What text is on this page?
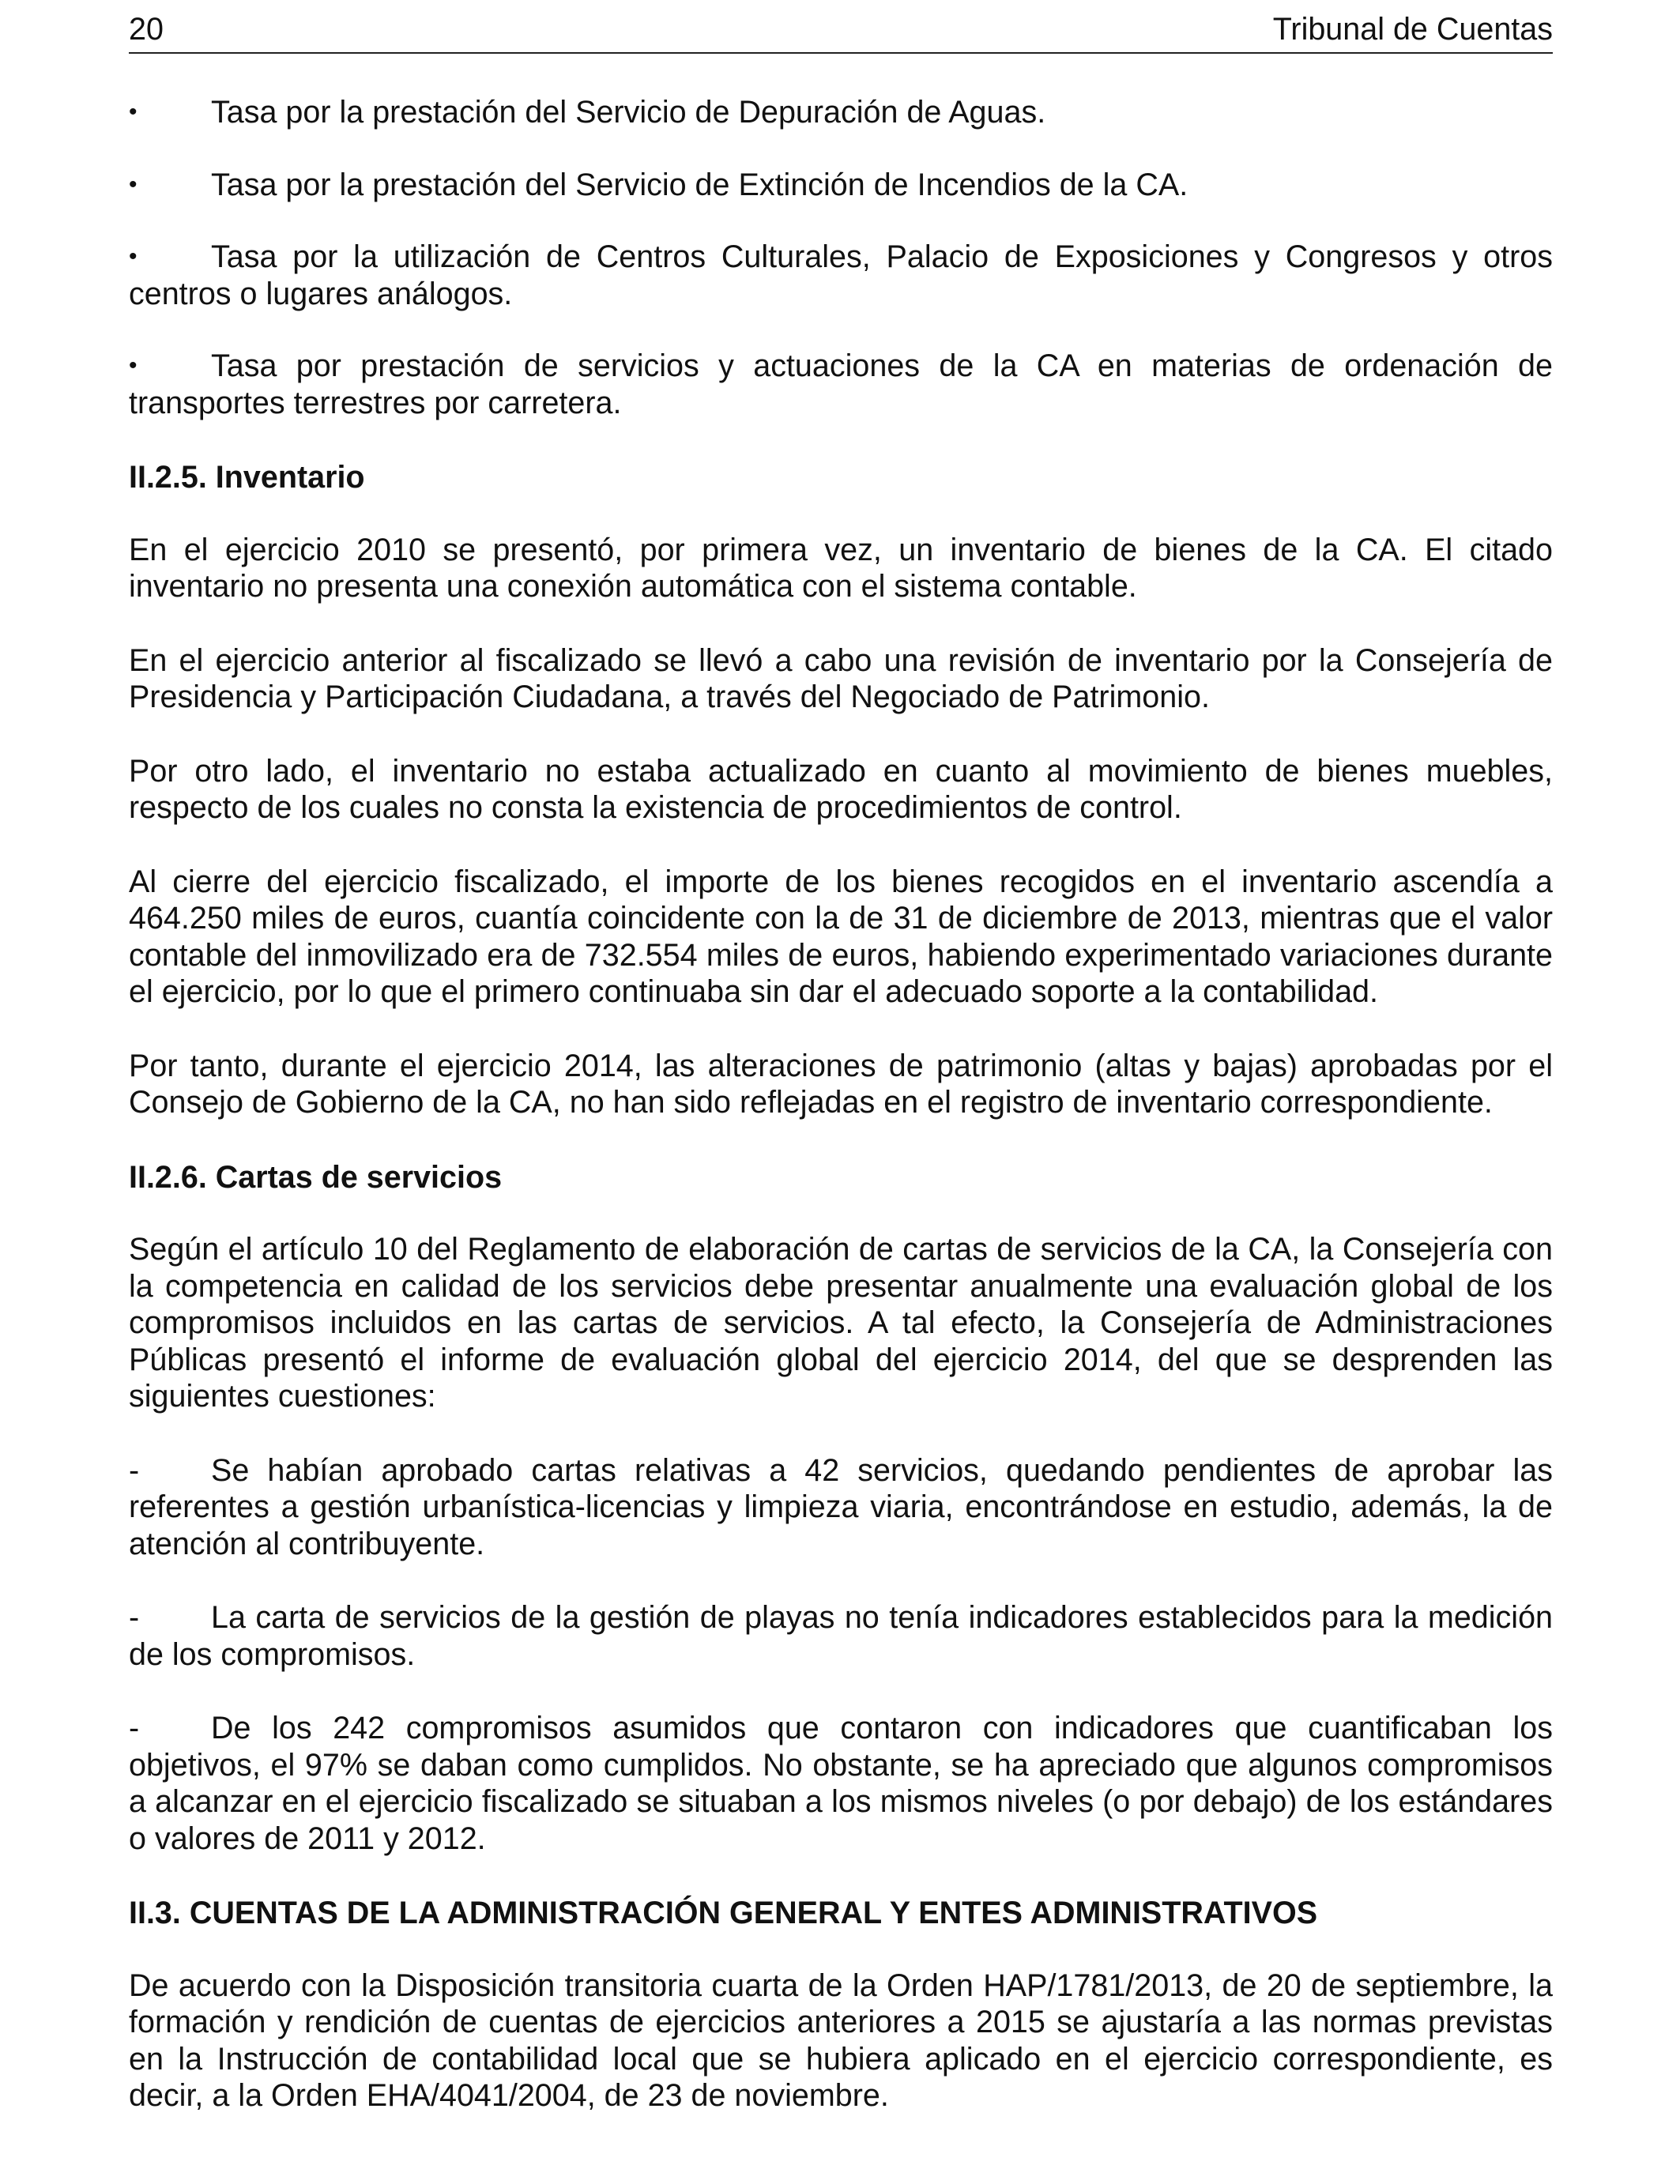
20	Tribunal de Cuentas

• Tasa por la prestación del Servicio de Depuración de Aguas.

• Tasa por la prestación del Servicio de Extinción de Incendios de la CA.

• Tasa por la utilización de Centros Culturales, Palacio de Exposiciones y Congresos y otros centros o lugares análogos.

• Tasa por prestación de servicios y actuaciones de la CA en materias de ordenación de transportes terrestres por carretera.

II.2.5. Inventario

En el ejercicio 2010 se presentó, por primera vez, un inventario de bienes de la CA. El citado inventario no presenta una conexión automática con el sistema contable.

En el ejercicio anterior al fiscalizado se llevó a cabo una revisión de inventario por la Consejería de Presidencia y Participación Ciudadana, a través del Negociado de Patrimonio.

Por otro lado, el inventario no estaba actualizado en cuanto al movimiento de bienes muebles, respecto de los cuales no consta la existencia de procedimientos de control.

Al cierre del ejercicio fiscalizado, el importe de los bienes recogidos en el inventario ascendía a 464.250 miles de euros, cuantía coincidente con la de 31 de diciembre de 2013, mientras que el valor contable del inmovilizado era de 732.554 miles de euros, habiendo experimentado variaciones durante el ejercicio, por lo que el primero continuaba sin dar el adecuado soporte a la contabilidad.

Por tanto, durante el ejercicio 2014, las alteraciones de patrimonio (altas y bajas) aprobadas por el Consejo de Gobierno de la CA, no han sido reflejadas en el registro de inventario correspondiente.

II.2.6. Cartas de servicios

Según el artículo 10 del Reglamento de elaboración de cartas de servicios de la CA, la Consejería con la competencia en calidad de los servicios debe presentar anualmente una evaluación global de los compromisos incluidos en las cartas de servicios. A tal efecto, la Consejería de Administraciones Públicas presentó el informe de evaluación global del ejercicio 2014, del que se desprenden las siguientes cuestiones:

- Se habían aprobado cartas relativas a 42 servicios, quedando pendientes de aprobar las referentes a gestión urbanística-licencias y limpieza viaria, encontrándose en estudio, además, la de atención al contribuyente.

- La carta de servicios de la gestión de playas no tenía indicadores establecidos para la medición de los compromisos.

- De los 242 compromisos asumidos que contaron con indicadores que cuantificaban los objetivos, el 97% se daban como cumplidos. No obstante, se ha apreciado que algunos compromisos a alcanzar en el ejercicio fiscalizado se situaban a los mismos niveles (o por debajo) de los estándares o valores de 2011 y 2012.

II.3. CUENTAS DE LA ADMINISTRACIÓN GENERAL Y ENTES ADMINISTRATIVOS

De acuerdo con la Disposición transitoria cuarta de la Orden HAP/1781/2013, de 20 de septiembre, la formación y rendición de cuentas de ejercicios anteriores a 2015 se ajustaría a las normas previstas en la Instrucción de contabilidad local que se hubiera aplicado en el ejercicio correspondiente, es decir, a la Orden EHA/4041/2004, de 23 de noviembre.
